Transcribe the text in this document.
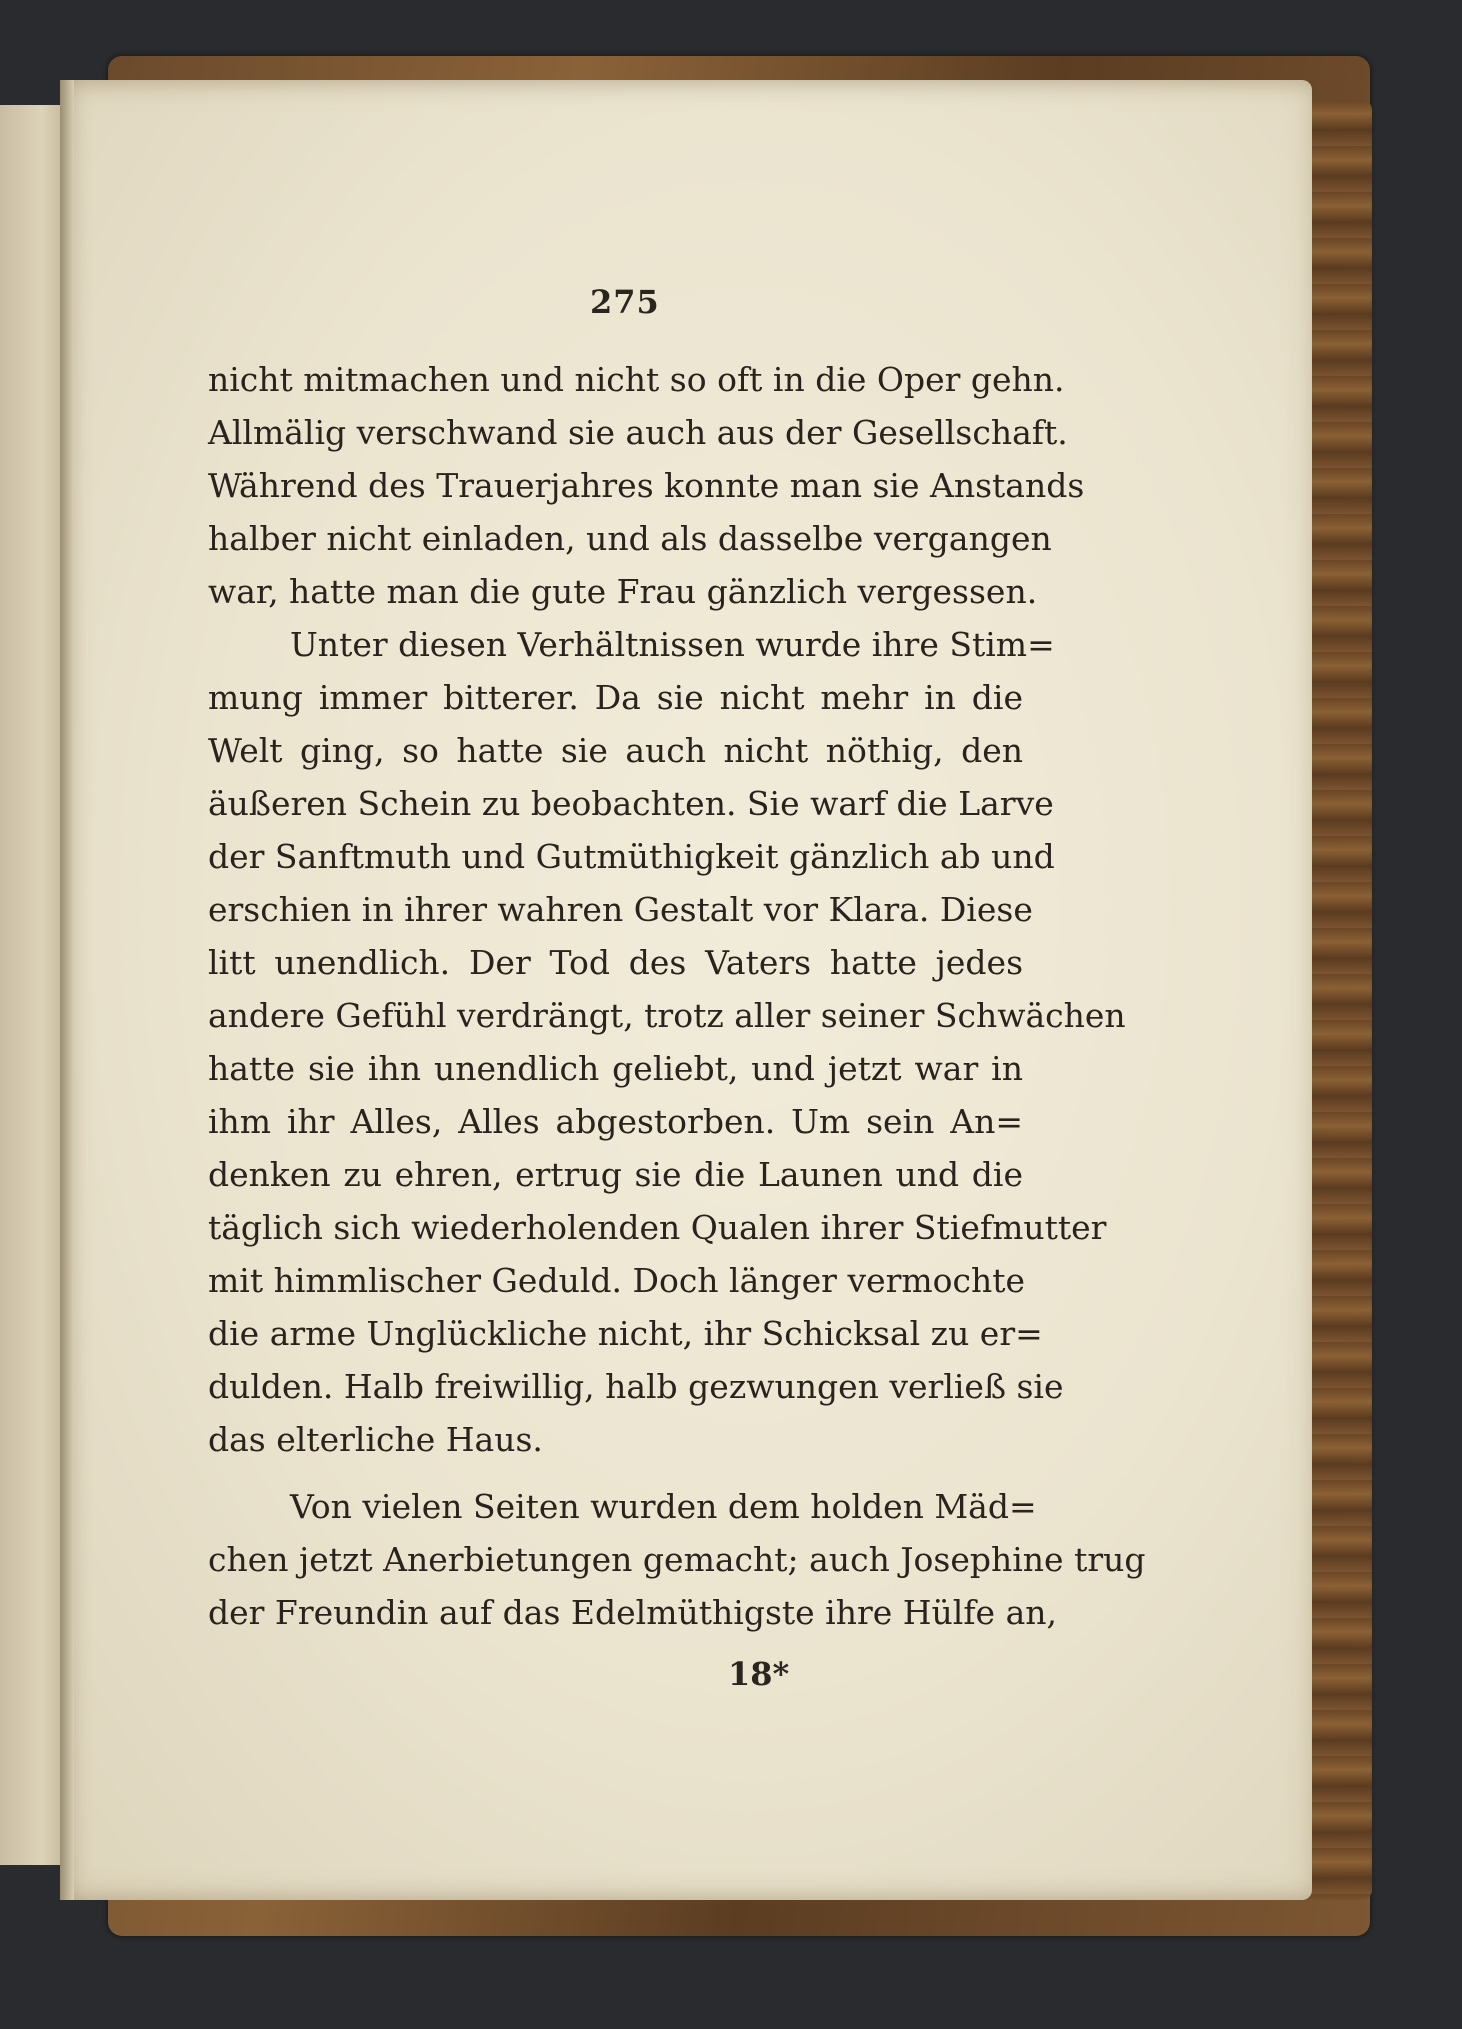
275
nicht mitmachen und nicht so oft in die Oper gehn.
Allmälig verschwand sie auch aus der Gesellschaft.
Während des Trauerjahres konnte man sie Anstands
halber nicht einladen, und als dasselbe vergangen
war, hatte man die gute Frau gänzlich vergessen.
Unter diesen Verhältnissen wurde ihre Stim=
mung immer bitterer. Da sie nicht mehr in die
Welt ging, so hatte sie auch nicht nöthig, den
äußeren Schein zu beobachten. Sie warf die Larve
der Sanftmuth und Gutmüthigkeit gänzlich ab und
erschien in ihrer wahren Gestalt vor Klara. Diese
litt unendlich. Der Tod des Vaters hatte jedes
andere Gefühl verdrängt, trotz aller seiner Schwächen
hatte sie ihn unendlich geliebt, und jetzt war in
ihm ihr Alles, Alles abgestorben. Um sein An=
denken zu ehren, ertrug sie die Launen und die
täglich sich wiederholenden Qualen ihrer Stiefmutter
mit himmlischer Geduld. Doch länger vermochte
die arme Unglückliche nicht, ihr Schicksal zu er=
dulden. Halb freiwillig, halb gezwungen verließ sie
das elterliche Haus.
Von vielen Seiten wurden dem holden Mäd=
chen jetzt Anerbietungen gemacht; auch Josephine trug
der Freundin auf das Edelmüthigste ihre Hülfe an,
18*
